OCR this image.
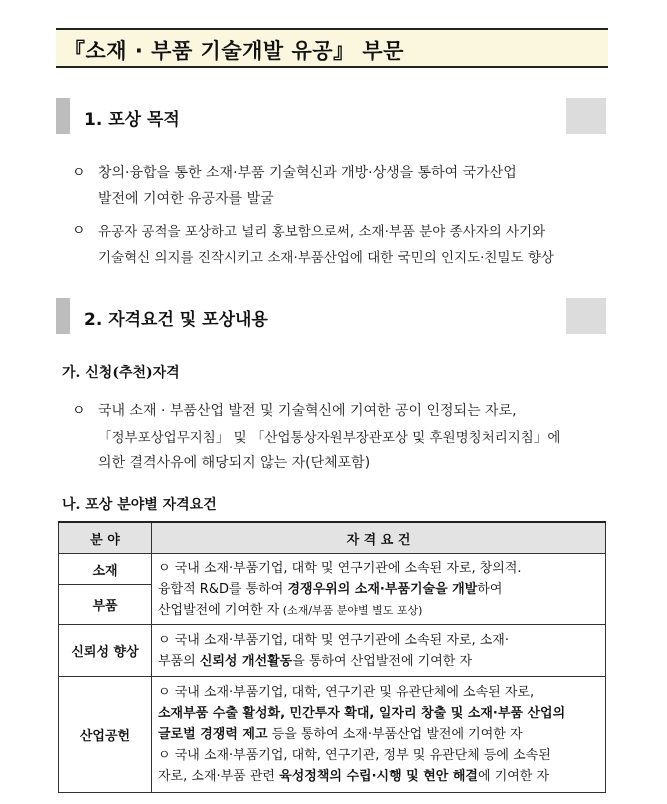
『소재 · 부품 기술개발 유공』 부문
1. 포상 목적
ㅇ 창의·융합을 통한 소재·부품 기술혁신과 개방·상생을 통하여 국가산업
발전에 기여한 유공자를 발굴
ㅇ 유공자 공적을 포상하고 널리 홍보함으로써, 소재·부품 분야 종사자의 사기와
기술혁신 의지를 진작시키고 소재·부품산업에 대한 국민의 인지도·친밀도 향상
2. 자격요건 및 포상내용
가. 신청(추천)자격
ㅇ 국내 소재 · 부품산업 발전 및 기술혁신에 기여한 공이 인정되는 자로,
「정부포상업무지침」 및 「산업통상자원부장관포상 및 후원명칭처리지침」에
의한 결격사유에 해당되지 않는 자(단체포함)
나. 포상 분야별 자격요건
분 야	자 격 요 건
소재	ㅇ 국내 소재·부품기업, 대학 및 연구기관에 소속된 자로, 창의적.
융합적 R&D를 통하여 경쟁우위의 소재·부품기술을 개발하여
산업발전에 기여한 자 (소재/부품 분야별 별도 포상)

부품	
신뢰성 향상	ㅇ 국내 소재·부품기업, 대학 및 연구기관에 소속된 자로, 소재·
부품의 신뢰성 개선활동을 통하여 산업발전에 기여한 자

산업공헌	ㅇ 국내 소재·부품기업, 대학, 연구기관 및 유관단체에 소속된 자로,
소재부품 수출 활성화, 민간투자 확대, 일자리 창출 및 소재·부품 산업의
글로벌 경쟁력 제고 등을 통하여 소재·부품산업 발전에 기여한 자
ㅇ 국내 소재·부품기업, 대학, 연구기관, 정부 및 유관단체 등에 소속된
자로, 소재·부품 관련 육성정책의 수립·시행 및 현안 해결에 기여한 자
